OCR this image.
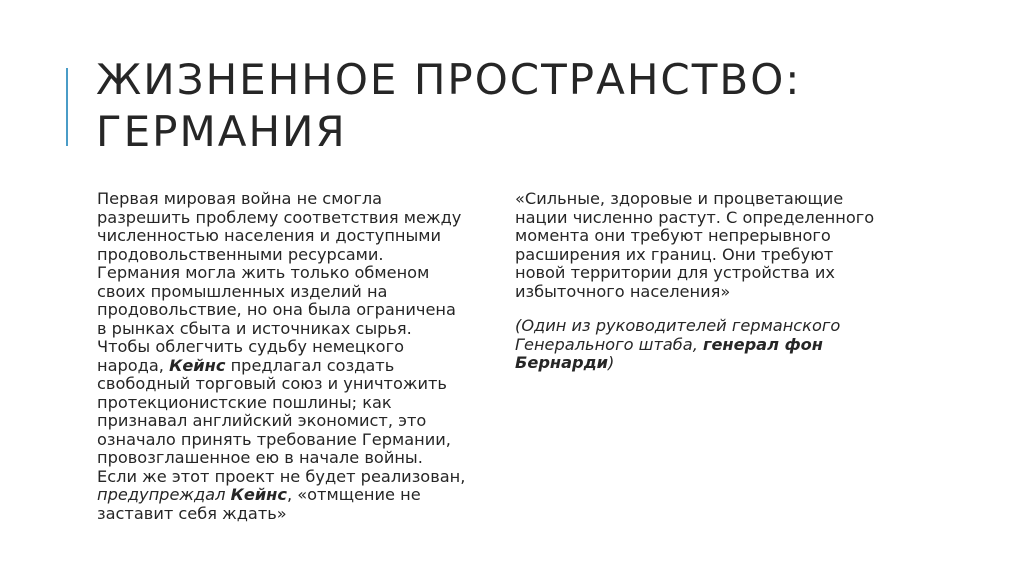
ЖИЗНЕННОЕ ПРОСТРАНСТВО:
ГЕРМАНИЯ
Первая мировая война не смогла
разрешить проблему соответствия между
численностью населения и доступными
продовольственными ресурсами.
Германия могла жить только обменом
своих промышленных изделий на
продовольствие, но она была ограничена
в рынках сбыта и источниках сырья.
Чтобы облегчить судьбу немецкого
народа, Кейнс предлагал создать
свободный торговый союз и уничтожить
протекционистские пошлины; как
признавал английский экономист, это
означало принять требование Германии,
провозглашенное ею в начале войны.
Если же этот проект не будет реализован,
предупреждал Кейнс, «отмщение не
заставит себя ждать»
«Сильные, здоровые и процветающие
нации численно растут. С определенного
момента они требуют непрерывного
расширения их границ. Они требуют
новой территории для устройства их
избыточного населения»
(Один из руководителей германского
Генерального штаба, генерал фон
Бернарди)
